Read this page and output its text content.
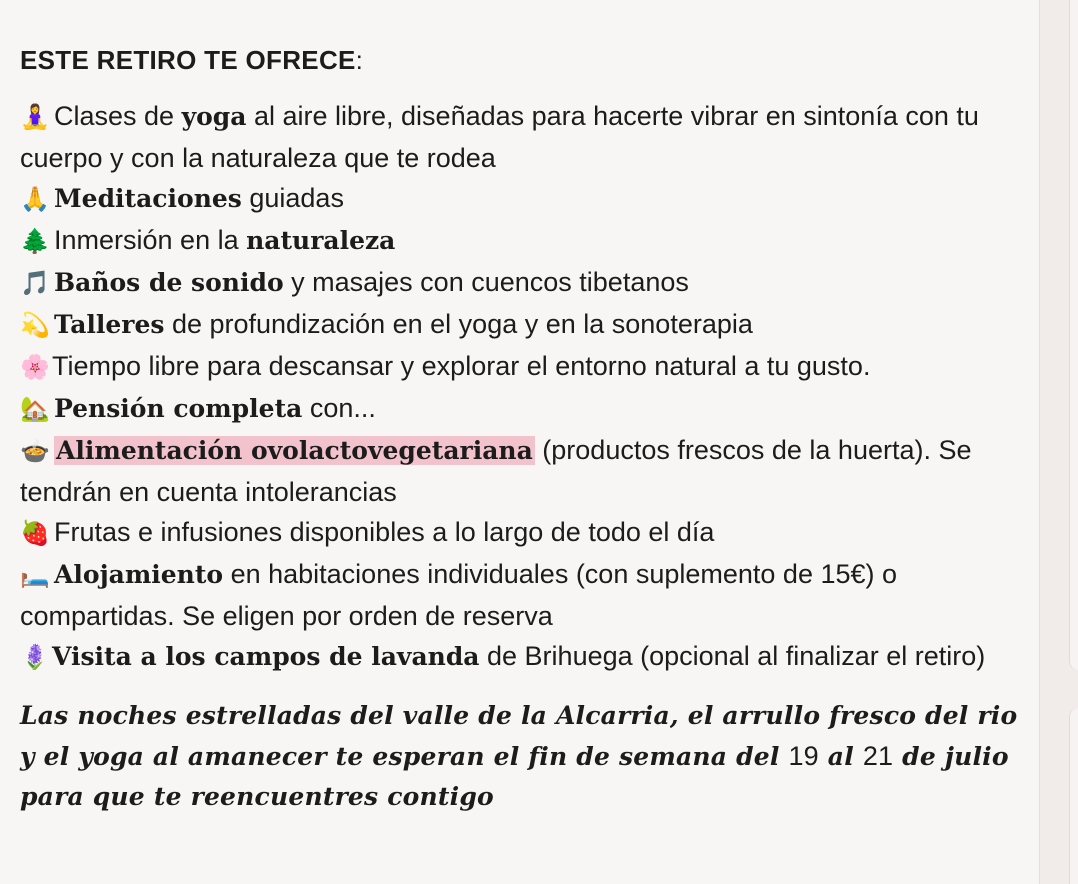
ESTE RETIRO TE OFRECE:

🧘‍♀️ Clases de yoga al aire libre, diseñadas para hacerte vibrar en sintonía con tu cuerpo y con la naturaleza que te rodea

🙏 Meditaciones guiadas

🌲 Inmersión en la naturaleza

🎵 Baños de sonido y masajes con cuencos tibetanos

💫 Talleres de profundización en el yoga y en la sonoterapia

🌸Tiempo libre para descansar y explorar el entorno natural a tu gusto.

🏡 Pensión completa con...

🍲 Alimentación ovolactovegetariana (productos frescos de la huerta). Se tendrán en cuenta intolerancias

🍓 Frutas e infusiones disponibles a lo largo de todo el día

🛏️ Alojamiento en habitaciones individuales (con suplemento de 15€) o compartidas. Se eligen por orden de reserva

🪻Visita a los campos de lavanda de Brihuega (opcional al finalizar el retiro)

Las noches estrelladas del valle de la Alcarria, el arrullo fresco del rio y el yoga al amanecer te esperan el fin de semana del 19 al 21 de julio para que te reencuentres contigo
